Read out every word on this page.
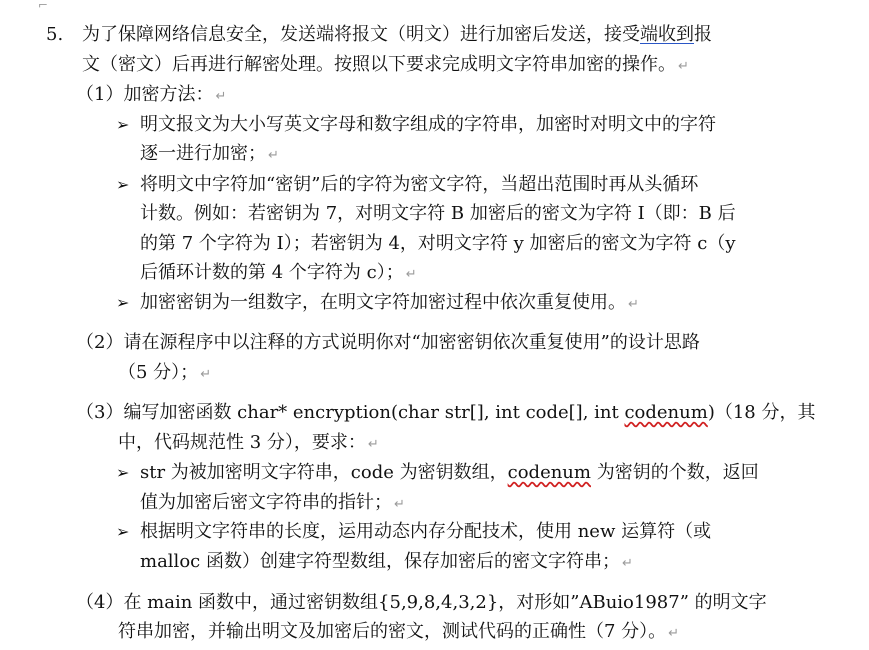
⌐
5. 为了保障网络信息安全，发送端将报文（明文）进行加密后发送，接受端收到报
文（密文）后再进行解密处理。按照以下要求完成明文字符串加密的操作。 ↵
（1）加密方法： ↵
➢ 明文报文为大小写英文字母和数字组成的字符串，加密时对明文中的字符
逐一进行加密； ↵
➢ 将明文中字符加“密钥”后的字符为密文字符，当超出范围时再从头循环
计数。例如：若密钥为 7，对明文字符 B 加密后的密文为字符 I（即：B 后
的第 7 个字符为 I）；若密钥为 4，对明文字符 y 加密后的密文为字符 c（y
后循环计数的第 4 个字符为 c）； ↵
➢ 加密密钥为一组数字，在明文字符加密过程中依次重复使用。 ↵
（2）请在源程序中以注释的方式说明你对“加密密钥依次重复使用”的设计思路
（5 分）； ↵
（3）编写加密函数 char* encryption(char str[], int code[], int codenum)（18 分，其
中，代码规范性 3 分），要求： ↵
➢ str 为被加密明文字符串，code 为密钥数组，codenum 为密钥的个数，返回
值为加密后密文字符串的指针； ↵
➢ 根据明文字符串的长度，运用动态内存分配技术，使用 new 运算符（或
malloc 函数）创建字符型数组，保存加密后的密文字符串； ↵
（4）在 main 函数中，通过密钥数组{5,9,8,4,3,2}，对形如”ABuio1987” 的明文字
符串加密，并输出明文及加密后的密文，测试代码的正确性（7 分）。 ↵
